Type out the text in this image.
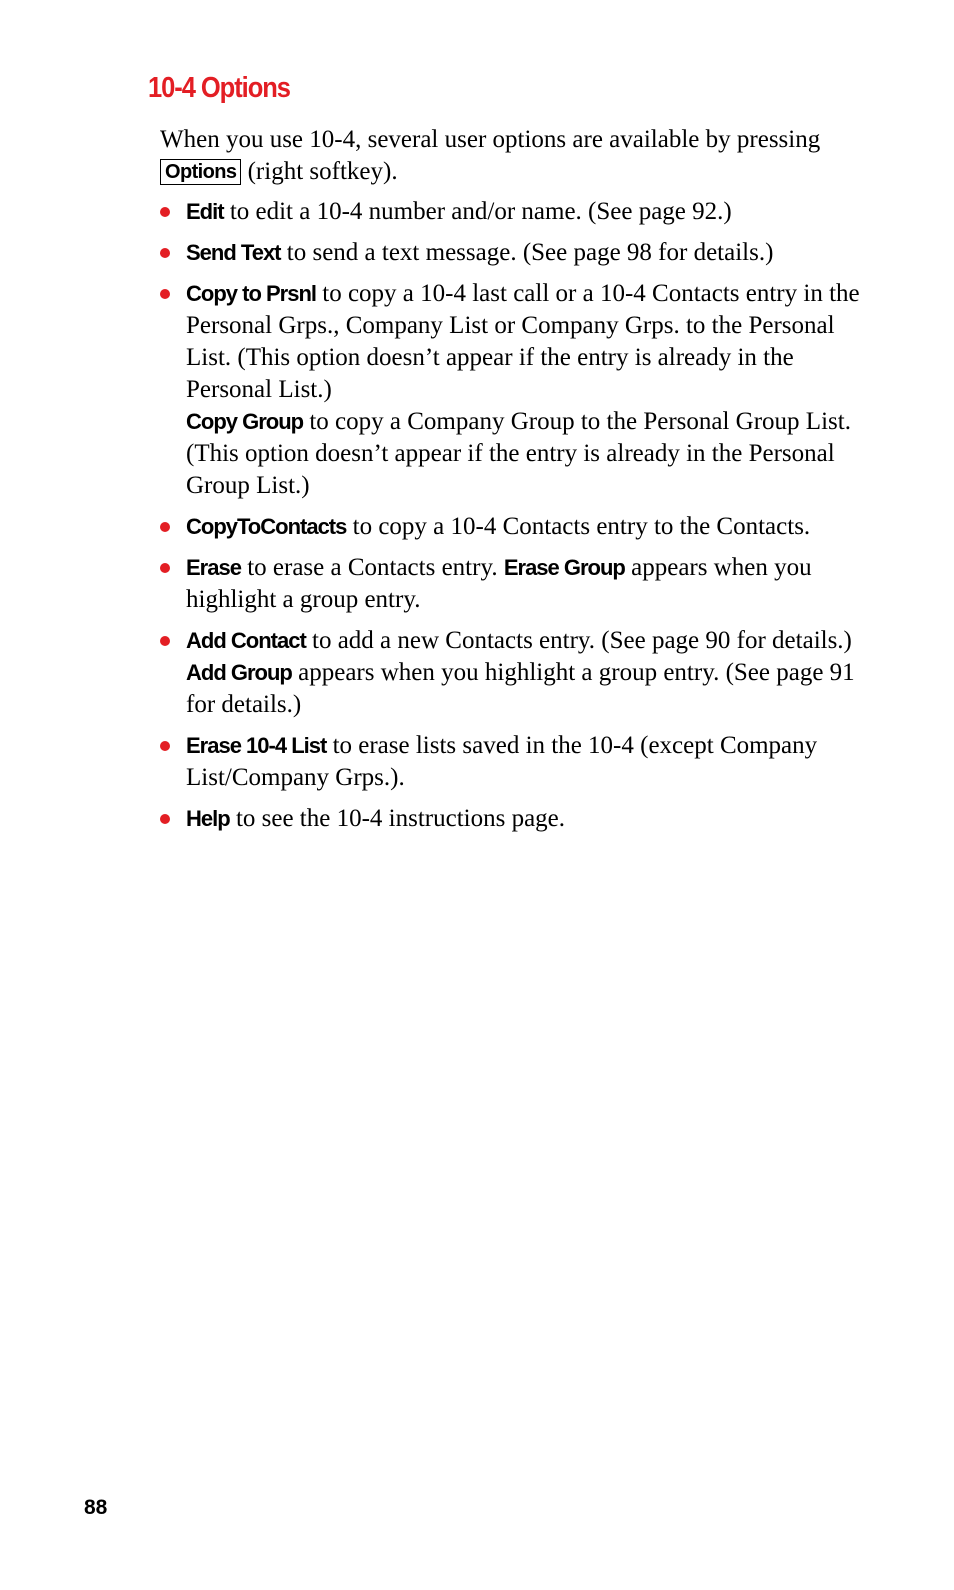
10-4 Options

When you use 10-4, several user options are available by pressing Options (right softkey).

Edit to edit a 10-4 number and/or name. (See page 92.)
Send Text to send a text message. (See page 98 for details.)
Copy to Prsnl to copy a 10-4 last call or a 10-4 Contacts entry in the Personal Grps., Company List or Company Grps. to the Personal List. (This option doesn’t appear if the entry is already in the Personal List.)
Copy Group to copy a Company Group to the Personal Group List. (This option doesn’t appear if the entry is already in the Personal Group List.)
CopyToContacts to copy a 10-4 Contacts entry to the Contacts.
Erase to erase a Contacts entry. Erase Group appears when you highlight a group entry.
Add Contact to add a new Contacts entry. (See page 90 for details.) Add Group appears when you highlight a group entry. (See page 91 for details.)
Erase 10-4 List to erase lists saved in the 10-4 (except Company List/Company Grps.).
Help to see the 10-4 instructions page.
88
